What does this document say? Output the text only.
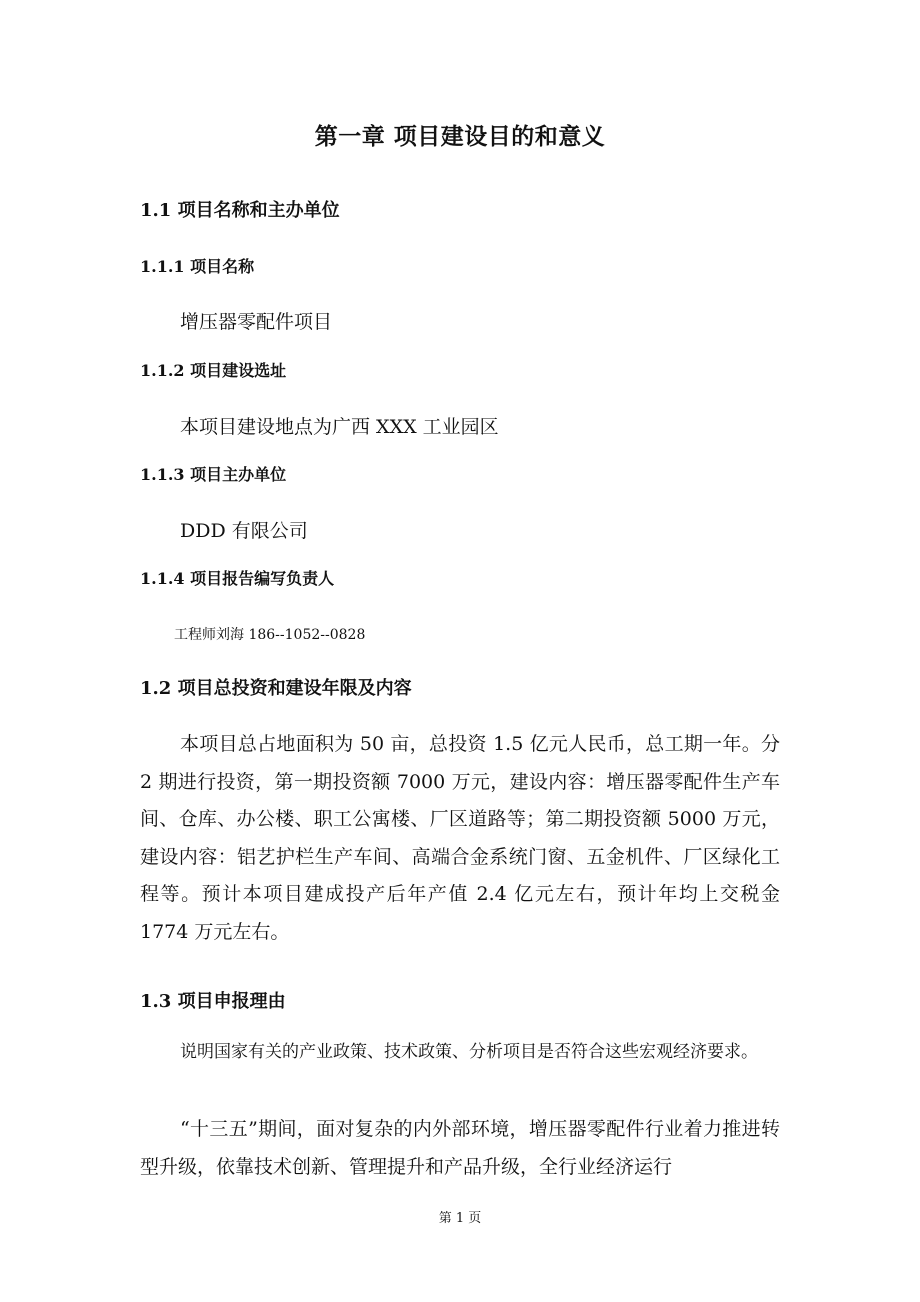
第一章 项目建设目的和意义
1.1 项目名称和主办单位
1.1.1 项目名称
增压器零配件项目
1.1.2 项目建设选址
本项目建设地点为广西 XXX 工业园区
1.1.3 项目主办单位
DDD 有限公司
1.1.4 项目报告编写负责人
工程师刘海 186--1052--0828
1.2 项目总投资和建设年限及内容

本项目总占地面积为 50 亩，总投资 1.5 亿元人民币，总工期一年。分 2 期进行投资，第一期投资额 7000 万元，建设内容：增压器零配件生产车间、仓库、办公楼、职工公寓楼、厂区道路等；第二期投资额 5000 万元，建设内容：铝艺护栏生产车间、高端合金系统门窗、五金机件、厂区绿化工程等。预计本项目建成投产后年产值 2.4 亿元左右，预计年均上交税金 1774 万元左右。

1.3 项目申报理由

说明国家有关的产业政策、技术政策、分析项目是否符合这些宏观经济要求。

“十三五”期间，面对复杂的内外部环境，增压器零配件行业着力推进转型升级，依靠技术创新、管理提升和产品升级，全行业经济运行

第 1 页
